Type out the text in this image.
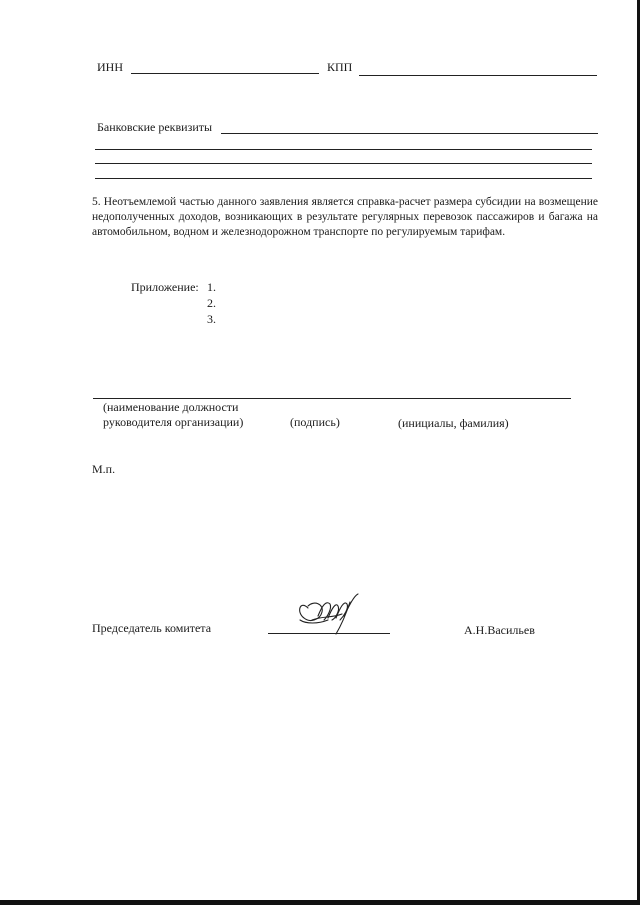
ИНН	КПП
Банковские реквизиты
5. Неотъемлемой частью данного заявления является справка-расчет размера субсидии на возмещение недополученных доходов, возникающих в результате регулярных перевозок пассажиров и багажа на автомобильном, водном и железнодорожном транспорте по регулируемым тарифам.
Приложение: 1.
2.
3.
(наименование должности
руководителя организации)	(подпись)	(инициалы, фамилия)
М.п.
Председатель комитета	А.Н.Васильев
